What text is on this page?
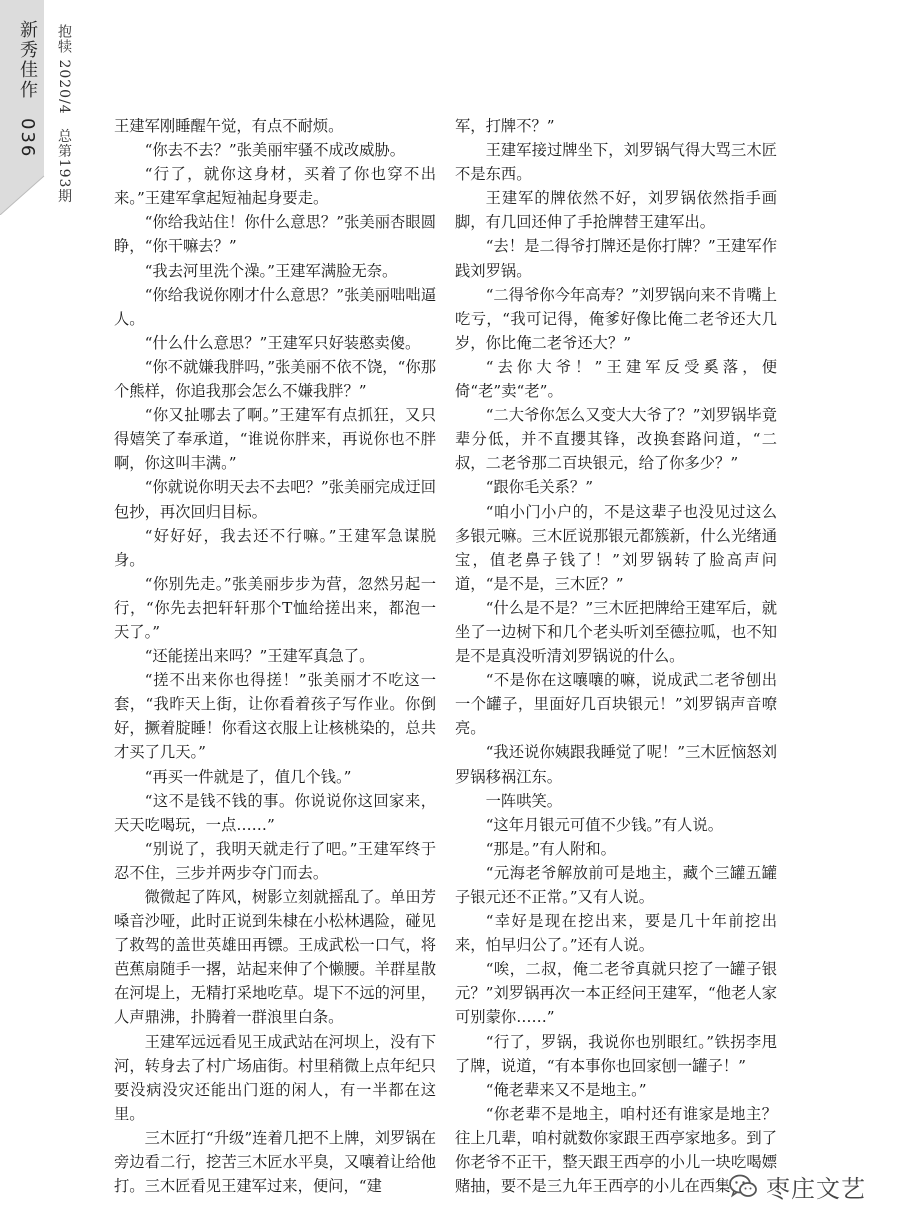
新秀佳作036
抱犊 2020/4总第193期

王建军刚睡醒午觉，有点不耐烦。

“你去不去？”张美丽牢骚不成改威胁。

“行了，就你这身材，买着了你也穿不出来。”王建军拿起短袖起身要走。

“你给我站住！你什么意思？”张美丽杏眼圆睁，“你干嘛去？”

“我去河里洗个澡。”王建军满脸无奈。

“你给我说你刚才什么意思？”张美丽咄咄逼人。

“什么什么意思？”王建军只好装憨卖傻。

“你不就嫌我胖吗，”张美丽不依不饶，“你那个熊样，你追我那会怎么不嫌我胖？”

“你又扯哪去了啊。”王建军有点抓狂，又只得嬉笑了奉承道，“谁说你胖来，再说你也不胖啊，你这叫丰满。”

“你就说你明天去不去吧？”张美丽完成迂回包抄，再次回归目标。

“好好好，我去还不行嘛。”王建军急谋脱身。

“你别先走。”张美丽步步为营，忽然另起一行，“你先去把轩轩那个T恤给搓出来，都泡一天了。”

“还能搓出来吗？”王建军真急了。

“搓不出来你也得搓！”张美丽才不吃这一套，“我昨天上街，让你看着孩子写作业。你倒好，撅着腚睡！你看这衣服上让核桃染的，总共才买了几天。”

“再买一件就是了，值几个钱。”

“这不是钱不钱的事。你说说你这回家来，天天吃喝玩，一点……”

“别说了，我明天就走行了吧。”王建军终于忍不住，三步并两步夺门而去。

微微起了阵风，树影立刻就摇乱了。单田芳嗓音沙哑，此时正说到朱棣在小松林遇险，碰见了救驾的盖世英雄田再镖。王成武松一口气，将芭蕉扇随手一撂，站起来伸了个懒腰。羊群星散在河堤上，无精打采地吃草。堤下不远的河里，人声鼎沸，扑腾着一群浪里白条。

王建军远远看见王成武站在河坝上，没有下河，转身去了村广场庙街。村里稍微上点年纪只要没病没灾还能出门逛的闲人，有一半都在这里。

三木匠打“升级”连着几把不上牌，刘罗锅在旁边看二行，挖苦三木匠水平臭，又嚷着让给他打。三木匠看见王建军过来，便问，“建

军，打牌不？”

王建军接过牌坐下，刘罗锅气得大骂三木匠不是东西。

王建军的牌依然不好，刘罗锅依然指手画脚，有几回还伸了手抢牌替王建军出。

“去！是二得爷打牌还是你打牌？”王建军作践刘罗锅。

“二得爷你今年高寿？”刘罗锅向来不肯嘴上吃亏，“我可记得，俺爹好像比俺二老爷还大几岁，你比俺二老爷还大？”

“去你大爷！”王建军反受奚落，便倚“老”卖“老”。

“二大爷你怎么又变大大爷了？”刘罗锅毕竟辈分低，并不直攖其锋，改换套路问道，“二叔，二老爷那二百块银元，给了你多少？”

“跟你毛关系？”

“咱小门小户的，不是这辈子也没见过这么多银元嘛。三木匠说那银元都簇新，什么光绪通宝，值老鼻子钱了！”刘罗锅转了脸高声问道，“是不是，三木匠？”

“什么是不是？”三木匠把牌给王建军后，就坐了一边树下和几个老头听刘至德拉呱，也不知是不是真没听清刘罗锅说的什么。

“不是你在这嚷嚷的嘛，说成武二老爷刨出一个罐子，里面好几百块银元！”刘罗锅声音嘹亮。

“我还说你姨跟我睡觉了呢！”三木匠恼怒刘罗锅移祸江东。

一阵哄笑。

“这年月银元可值不少钱。”有人说。

“那是。”有人附和。

“元海老爷解放前可是地主，藏个三罐五罐子银元还不正常。”又有人说。

“幸好是现在挖出来，要是几十年前挖出来，怕早归公了。”还有人说。

“唉，二叔，俺二老爷真就只挖了一罐子银元？”刘罗锅再次一本正经问王建军，“他老人家可别蒙你……”

“行了，罗锅，我说你也别眼红。”铁拐李甩了牌，说道，“有本事你也回家刨一罐子！”

“俺老辈来又不是地主。”

“你老辈不是地主，咱村还有谁家是地主？往上几辈，咱村就数你家跟王西亭家地多。到了你老爷不正干，整天跟王西亭的小儿一块吃喝嫖赌抽，要不是三九年王西亭的小儿在西集	枣庄文艺
